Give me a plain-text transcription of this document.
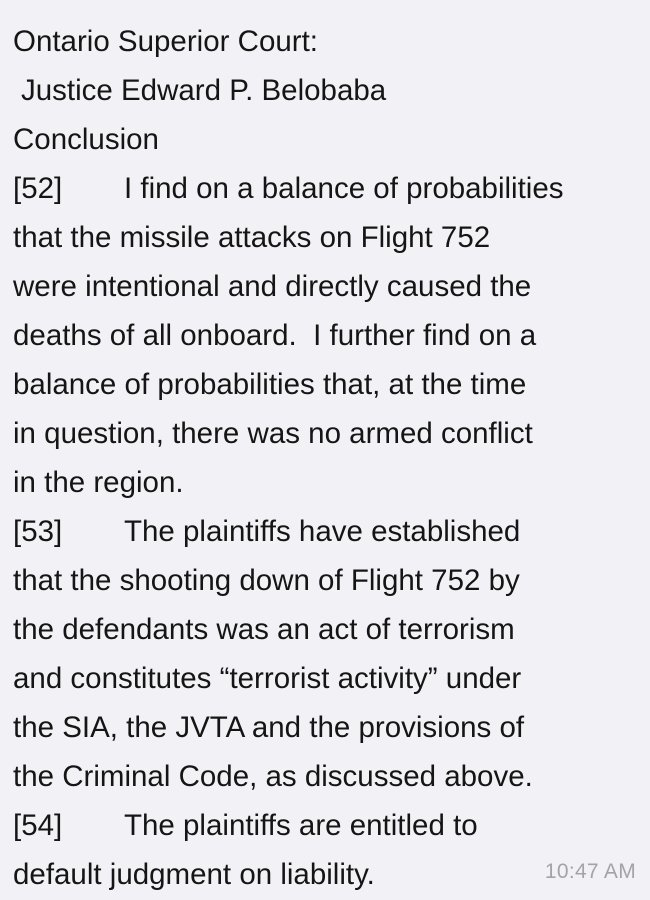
Ontario Superior Court:
Justice Edward P. Belobaba
Conclusion
[52] I find on a balance of probabilities
that the missile attacks on Flight 752
were intentional and directly caused the
deaths of all onboard.  I further find on a
balance of probabilities that, at the time
in question, there was no armed conflict
in the region.
[53] The plaintiffs have established
that the shooting down of Flight 752 by
the defendants was an act of terrorism
and constitutes “terrorist activity” under
the SIA, the JVTA and the provisions of
the Criminal Code, as discussed above.
[54] The plaintiffs are entitled to
default judgment on liability.	10:47 AM
